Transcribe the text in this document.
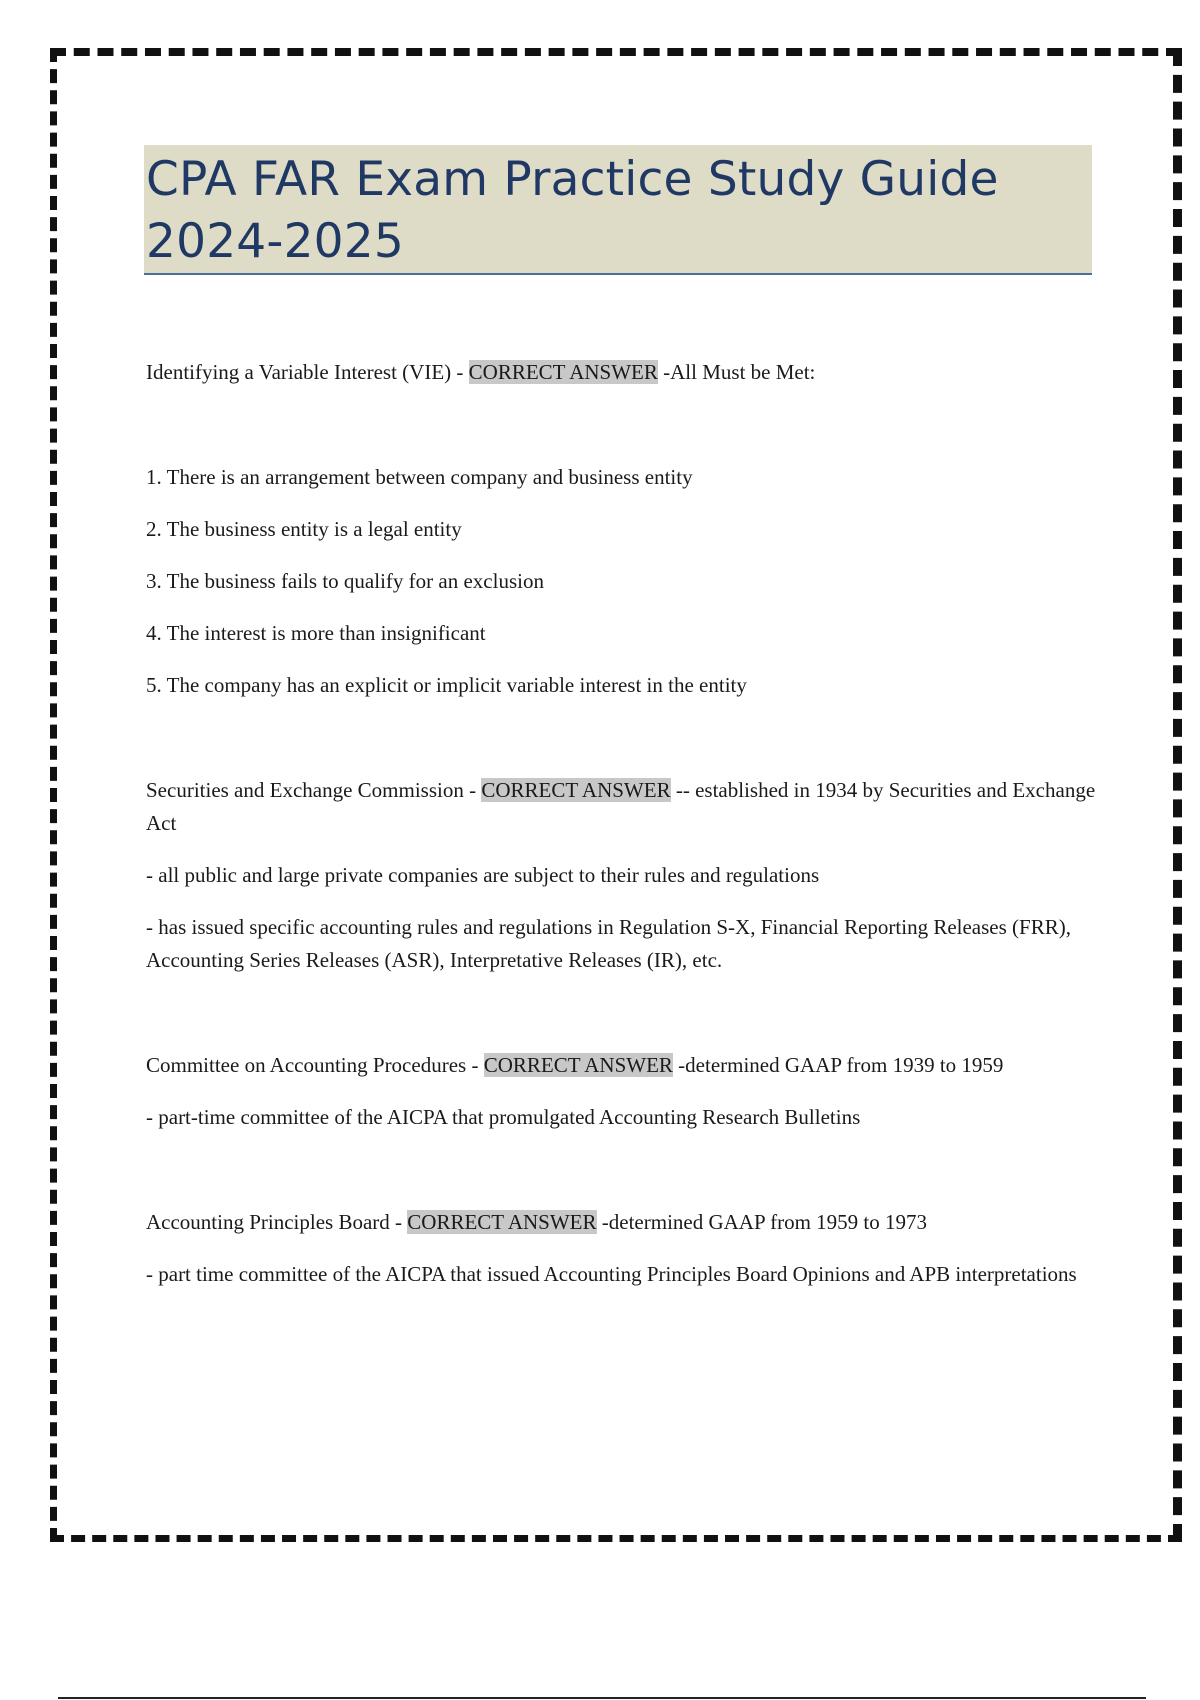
CPA FAR Exam Practice Study Guide
2024-2025

Identifying a Variable Interest (VIE) - CORRECT ANSWER -All Must be Met:

1. There is an arrangement between company and business entity

2. The business entity is a legal entity

3. The business fails to qualify for an exclusion

4. The interest is more than insignificant

5. The company has an explicit or implicit variable interest in the entity

Securities and Exchange Commission - CORRECT ANSWER -- established in 1934 by Securities and Exchange Act

- all public and large private companies are subject to their rules and regulations

- has issued specific accounting rules and regulations in Regulation S-X, Financial Reporting Releases (FRR), Accounting Series Releases (ASR), Interpretative Releases (IR), etc.

Committee on Accounting Procedures - CORRECT ANSWER -determined GAAP from 1939 to 1959

- part-time committee of the AICPA that promulgated Accounting Research Bulletins

Accounting Principles Board - CORRECT ANSWER -determined GAAP from 1959 to 1973

- part time committee of the AICPA that issued Accounting Principles Board Opinions and APB interpretations
